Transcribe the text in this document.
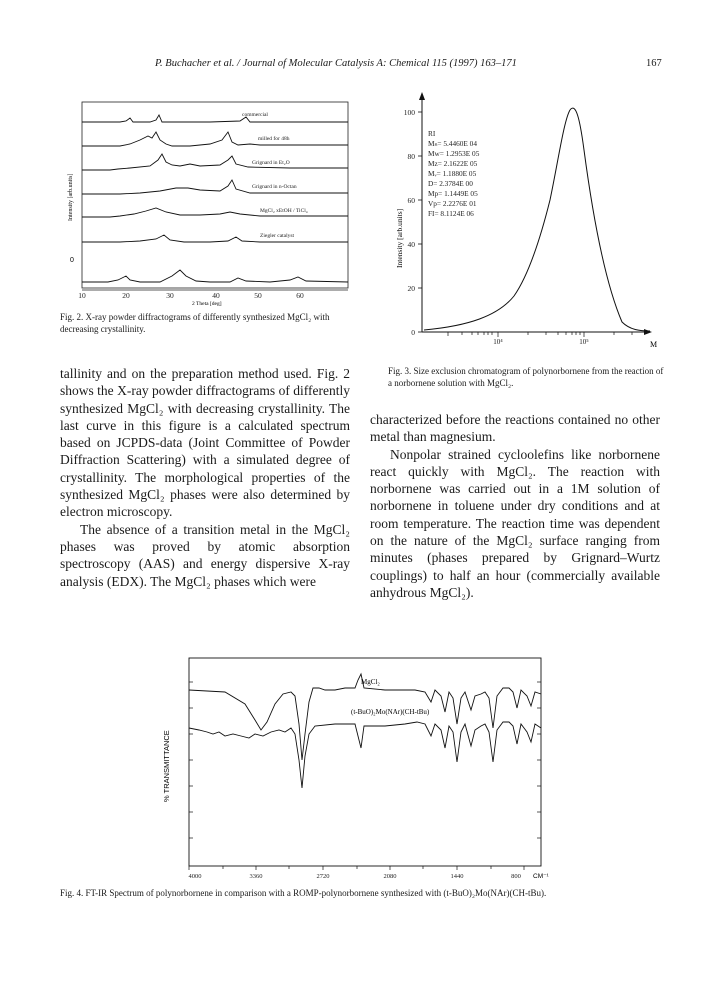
P. Buchacher et al. / Journal of Molecular Catalysis A: Chemical 115 (1997) 163–171	167
commercial
milled for 48h
Grignard in Et₂O
Grignard in n-Octan
MgCl₂ xEtOH / TiCl₄
Ziegler catalyst
0
Intensity [arb.units]
10	20	30	40	50	60
2 Theta [deg]
Fig. 2. X-ray powder diffractograms of differently synthesized MgCl₂ with decreasing crystallinity.
100
80
60
40
20
0
Intensity [arb.units]
10⁴	10⁵	M
RI
Mₙ= 5.4460E 04
Mw= 1.2953E 05
Mz= 2.1622E 05
Mᵥ= 1.1880E 05
D= 2.3784E 00
Mp= 1.1449E 05
Vp= 2.2276E 01
FI= 8.1124E 06
Fig. 3. Size exclusion chromatogram of polynorbornene from the reaction of a norbornene solution with MgCl₂.

tallinity and on the preparation method used. Fig. 2 shows the X-ray powder diffractograms of differently synthesized MgCl₂ with decreasing crystallinity. The last curve in this figure is a calculated spectrum based on JCPDS-data (Joint Committee of Powder Diffraction Scattering) with a simulated degree of crystallinity. The morphological properties of the synthesized MgCl₂ phases were also determined by electron microscopy.

The absence of a transition metal in the MgCl₂ phases was proved by atomic absorption spectroscopy (AAS) and energy dispersive X-ray analysis (EDX). The MgCl₂ phases which were

characterized before the reactions contained no other metal than magnesium.

Nonpolar strained cycloolefins like norbornene react quickly with MgCl₂. The reaction with norbornene was carried out in a 1M solution of norbornene in toluene under dry conditions and at room temperature. The reaction time was dependent on the nature of the MgCl₂ surface ranging from minutes (phases prepared by Grignard–Wurtz couplings) to half an hour (commercially available anhydrous MgCl₂).

MgCl₂
(t-BuO)₂Mo(NAr)(CH-tBu)
% TRANSMITTANCE
4000	3360	2720	2080	1440	800 CM⁻¹
Fig. 4. FT-IR Spectrum of polynorbornene in comparison with a ROMP-polynorbornene synthesized with (t-BuO)₂Mo(NAr)(CH-tBu).
